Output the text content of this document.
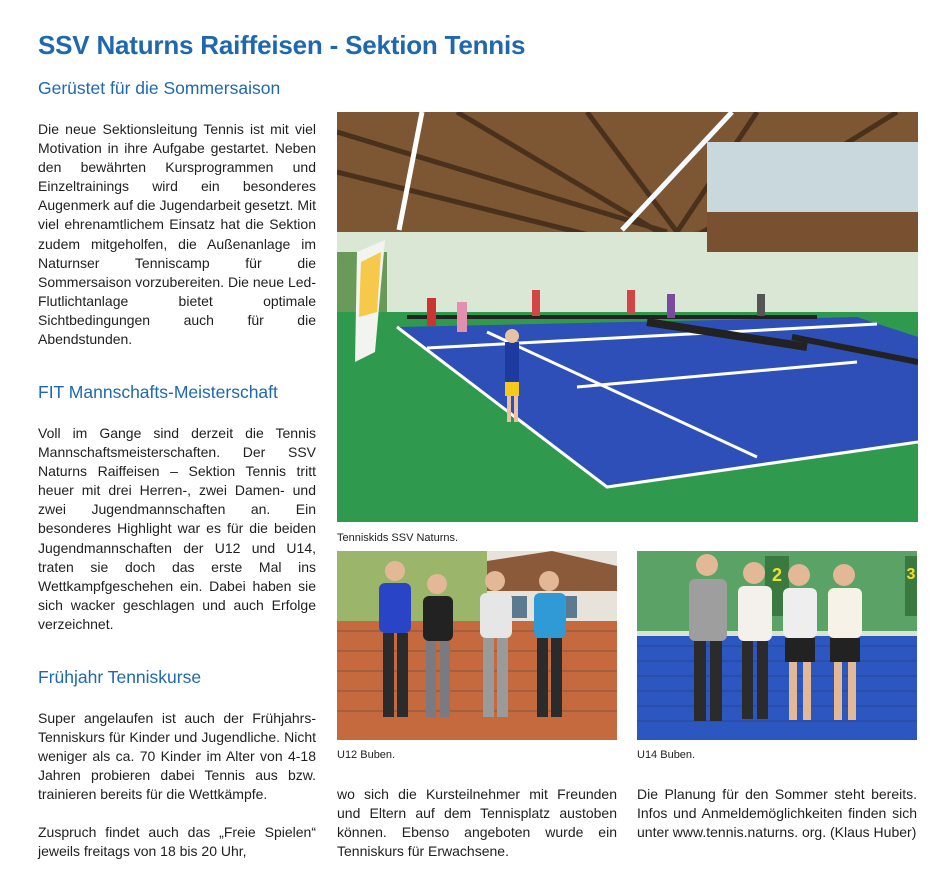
SSV Naturns Raiffeisen - Sektion Tennis
Gerüstet für die Sommersaison

Die neue Sektionsleitung Tennis ist mit viel Motivation in ihre Aufgabe gestartet. Neben den bewährten Kursprogrammen und Einzeltrainings wird ein besonderes Augenmerk auf die Jugendarbeit gesetzt. Mit viel ehrenamtlichem Einsatz hat die Sektion zudem mitgeholfen, die Außenanlage im Naturnser Tenniscamp für die Sommersaison vorzubereiten. Die neue Led-Flutlichtanlage bietet optimale Sichtbedingungen auch für die Abendstunden.

FIT Mannschafts-Meisterschaft

Voll im Gange sind derzeit die Tennis Mannschaftsmeisterschaften. Der SSV Naturns Raiffeisen – Sektion Tennis tritt heuer mit drei Herren-, zwei Damen- und zwei Jugendmannschaften an. Ein besonderes Highlight war es für die beiden Jugendmannschaften der U12 und U14, traten sie doch das erste Mal ins Wettkampfgeschehen ein. Dabei haben sie sich wacker geschlagen und auch Erfolge verzeichnet.

Frühjahr Tenniskurse

Super angelaufen ist auch der Frühjahrs-Tenniskurs für Kinder und Jugendliche. Nicht weniger als ca. 70 Kinder im Alter von 4-18 Jahren probieren dabei Tennis aus bzw. trainieren bereits für die Wettkämpfe.

Zuspruch findet auch das „Freie Spielen“ jeweils freitags von 18 bis 20 Uhr,

Tenniskids SSV Naturns.
U12 Buben.
2	3
U14 Buben.

wo sich die Kursteilnehmer mit Freunden und Eltern auf dem Tennisplatz austoben können. Ebenso angeboten wurde ein Tenniskurs für Erwachsene.

Die Planung für den Sommer steht bereits. Infos und Anmeldemöglichkeiten finden sich unter www.tennis.naturns. org. (Klaus Huber)
